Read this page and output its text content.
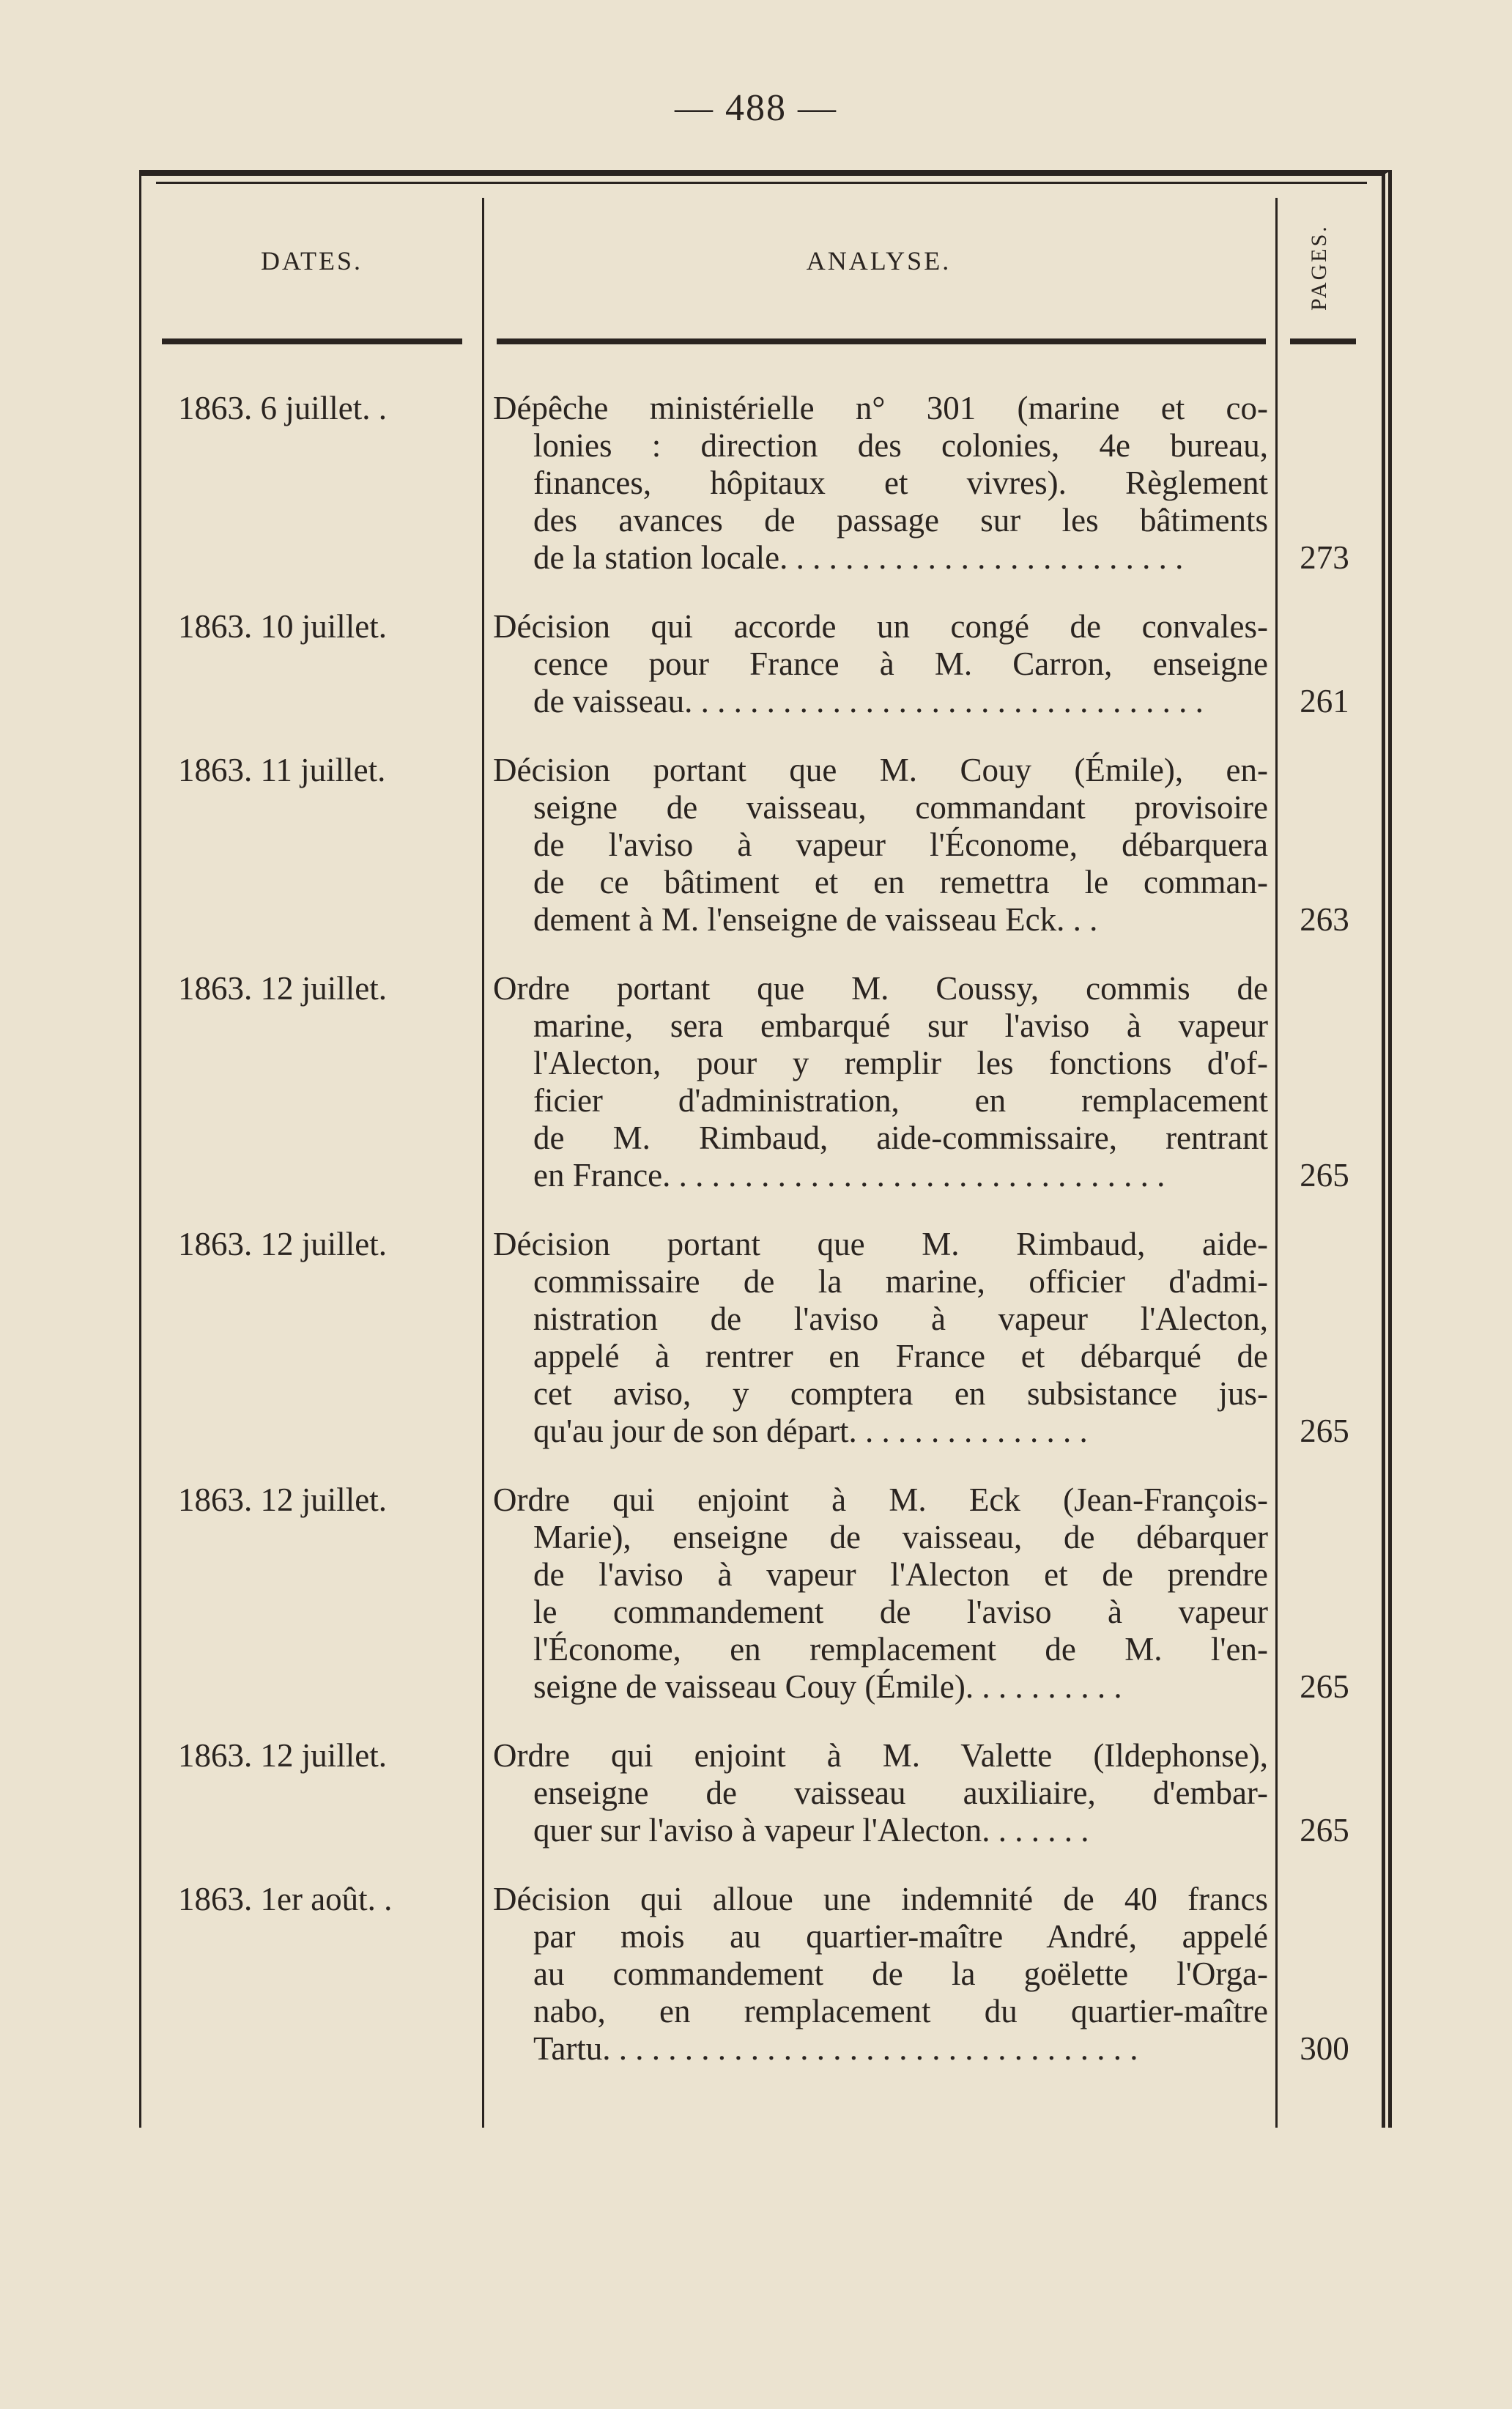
— 488 —
DATES.	ANALYSE.	PAGES.
1863. 6 juillet. .	Dépêche ministérielle n° 301 (marine et co-
lonies : direction des colonies, 4e bureau,
finances, hôpitaux et vivres). Règlement
des avances de passage sur les bâtiments
de la station locale. . . . . . . . . . . . . . . . . . . . . . . . .	273
1863. 10 juillet.	Décision qui accorde un congé de convales-
cence pour France à M. Carron, enseigne
de vaisseau. . . . . . . . . . . . . . . . . . . . . . . . . . . . . . . .	261
1863. 11 juillet.	Décision portant que M. Couy (Émile), en-
seigne de vaisseau, commandant provisoire
de l'aviso à vapeur l'Économe, débarquera
de ce bâtiment et en remettra le comman-
dement à M. l'enseigne de vaisseau Eck. . .	263
1863. 12 juillet.	Ordre portant que M. Coussy, commis de
marine, sera embarqué sur l'aviso à vapeur
l'Alecton, pour y remplir les fonctions d'of-
ficier d'administration, en remplacement
de M. Rimbaud, aide-commissaire, rentrant
en France. . . . . . . . . . . . . . . . . . . . . . . . . . . . . . .	265
1863. 12 juillet.	Décision portant que M. Rimbaud, aide-
commissaire de la marine, officier d'admi-
nistration de l'aviso à vapeur l'Alecton,
appelé à rentrer en France et débarqué de
cet aviso, y comptera en subsistance jus-
qu'au jour de son départ. . . . . . . . . . . . . . .	265
1863. 12 juillet.	Ordre qui enjoint à M. Eck (Jean-François-
Marie), enseigne de vaisseau, de débarquer
de l'aviso à vapeur l'Alecton et de prendre
le commandement de l'aviso à vapeur
l'Économe, en remplacement de M. l'en-
seigne de vaisseau Couy (Émile). . . . . . . . . .	265
1863. 12 juillet.	Ordre qui enjoint à M. Valette (Ildephonse),
enseigne de vaisseau auxiliaire, d'embar-
quer sur l'aviso à vapeur l'Alecton. . . . . . .	265
1863. 1er août. .	Décision qui alloue une indemnité de 40 francs
par mois au quartier-maître André, appelé
au commandement de la goëlette l'Orga-
nabo, en remplacement du quartier-maître
Tartu. . . . . . . . . . . . . . . . . . . . . . . . . . . . . . . . .	300
